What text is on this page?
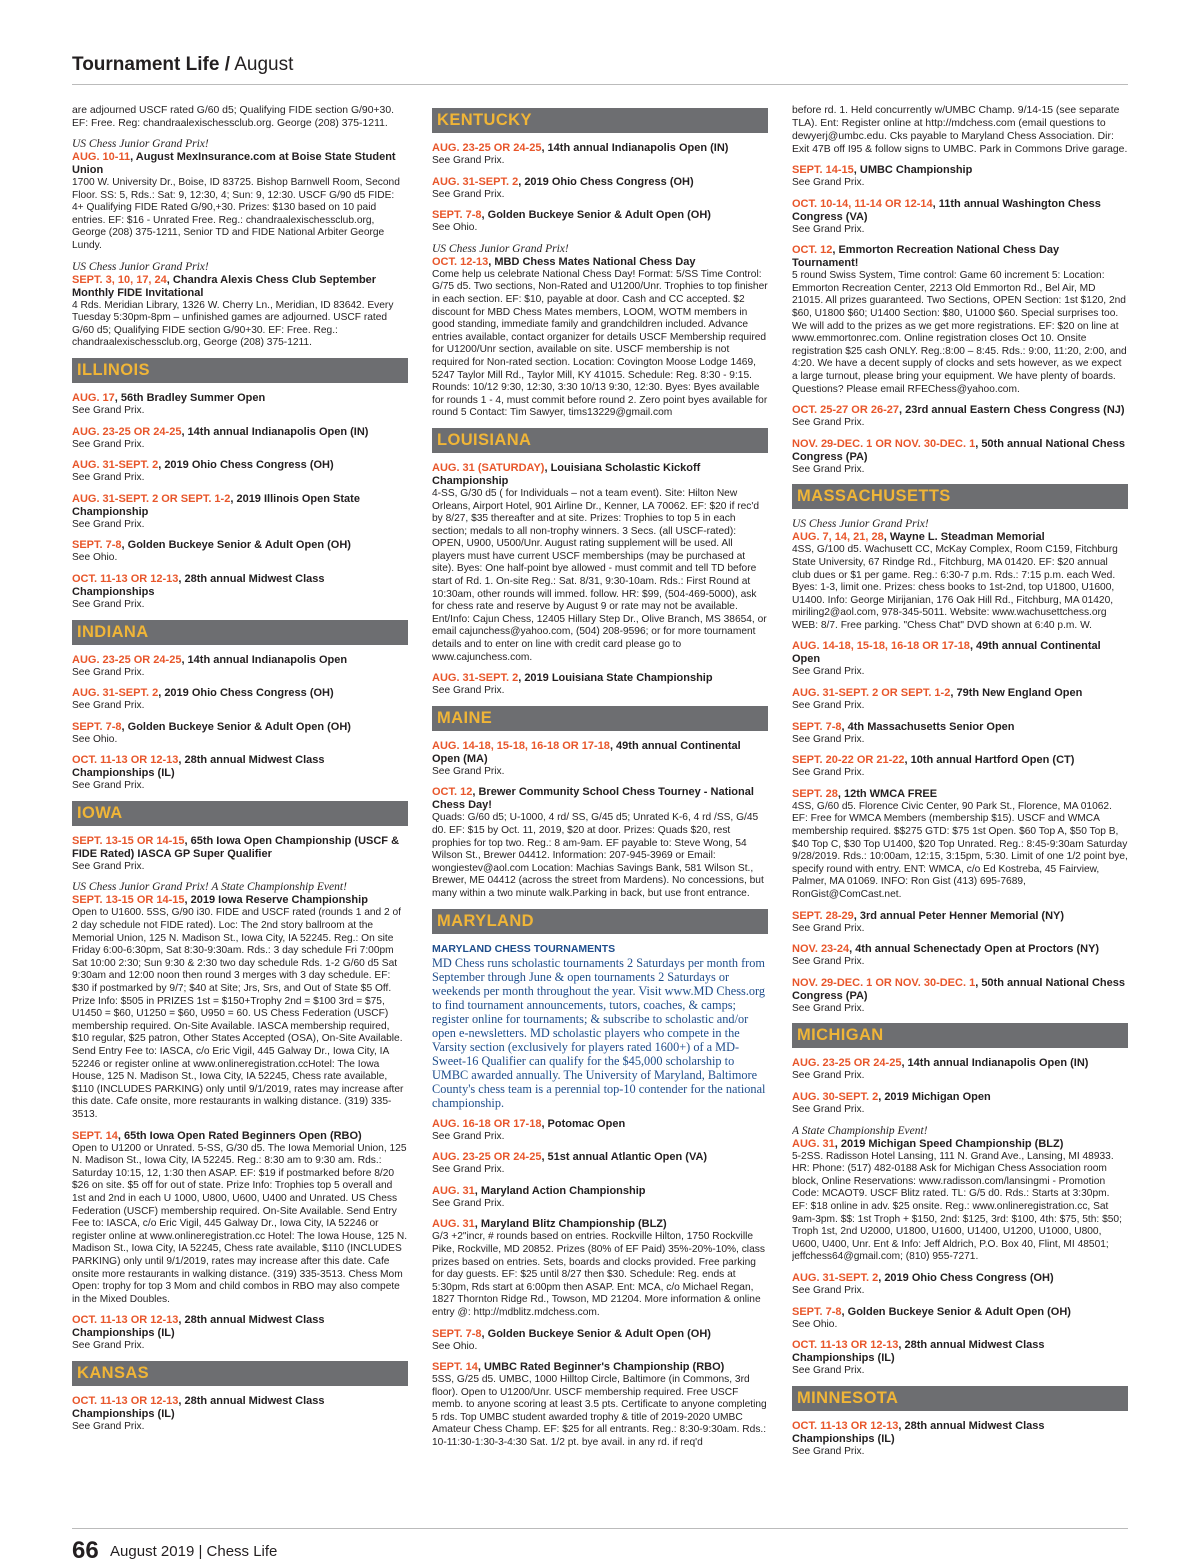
Tournament Life / August
are adjourned USCF rated G/60 d5; Qualifying FIDE section G/90+30. EF: Free. Reg: chandraalexischessclub.org. George (208) 375-1211.
US Chess Junior Grand Prix!
AUG. 10-11, August MexInsurance.com at Boise State Student Union
1700 W. University Dr., Boise, ID 83725. Bishop Barnwell Room, Second Floor. SS: 5, Rds.: Sat: 9, 12:30, 4; Sun: 9, 12:30. USCF G/90 d5 FIDE: 4+ Qualifying FIDE Rated G/90,+30. Prizes: $130 based on 10 paid entries. EF: $16 - Unrated Free. Reg.: chandraalexischessclub.org, George (208) 375-1211, Senior TD and FIDE National Arbiter George Lundy.
US Chess Junior Grand Prix!
SEPT. 3, 10, 17, 24, Chandra Alexis Chess Club September Monthly FIDE Invitational
4 Rds. Meridian Library, 1326 W. Cherry Ln., Meridian, ID 83642. Every Tuesday 5:30pm-8pm – unfinished games are adjourned. USCF rated G/60 d5; Qualifying FIDE section G/90+30. EF: Free. Reg.: chandraalexischessclub.org, George (208) 375-1211.
ILLINOIS
AUG. 17, 56th Bradley Summer Open
See Grand Prix.
AUG. 23-25 OR 24-25, 14th annual Indianapolis Open (IN)
See Grand Prix.
AUG. 31-SEPT. 2, 2019 Ohio Chess Congress (OH)
See Grand Prix.
AUG. 31-SEPT. 2 OR SEPT. 1-2, 2019 Illinois Open State Championship
See Grand Prix.
SEPT. 7-8, Golden Buckeye Senior & Adult Open (OH)
See Ohio.
OCT. 11-13 OR 12-13, 28th annual Midwest Class Championships
See Grand Prix.
INDIANA
AUG. 23-25 OR 24-25, 14th annual Indianapolis Open
See Grand Prix.
AUG. 31-SEPT. 2, 2019 Ohio Chess Congress (OH)
See Grand Prix.
SEPT. 7-8, Golden Buckeye Senior & Adult Open (OH)
See Ohio.
OCT. 11-13 OR 12-13, 28th annual Midwest Class Championships (IL)
See Grand Prix.
IOWA
SEPT. 13-15 OR 14-15, 65th Iowa Open Championship (USCF & FIDE Rated) IASCA GP Super Qualifier
See Grand Prix.
US Chess Junior Grand Prix! A State Championship Event!
SEPT. 13-15 OR 14-15, 2019 Iowa Reserve Championship
Open to U1600. 5SS, G/90 i30. FIDE and USCF rated (rounds 1 and 2 of 2 day schedule not FIDE rated). Loc: The 2nd story ballroom at the Memorial Union, 125 N. Madison St., Iowa City, IA 52245. Reg.: On site Friday 6:00-6:30pm, Sat 8:30-9:30am. Rds.: 3 day schedule Fri 7:00pm Sat 10:00 2:30; Sun 9:30 & 2:30 two day schedule Rds. 1-2 G/60 d5 Sat 9:30am and 12:00 noon then round 3 merges with 3 day schedule. EF: $30 if postmarked by 9/7; $40 at Site; Jrs, Srs, and Out of State $5 Off. Prize Info: $505 in PRIZES 1st = $150+Trophy 2nd = $100 3rd = $75, U1450 = $60, U1250 = $60, U950 = 60. US Chess Federation (USCF) membership required. On-Site Available. IASCA membership required, $10 regular, $25 patron, Other States Accepted (OSA), On-Site Available. Send Entry Fee to: IASCA, c/o Eric Vigil, 445 Galway Dr., Iowa City, IA 52246 or register online at www.onlineregistration.ccHotel: The Iowa House, 125 N. Madison St., Iowa City, IA 52245, Chess rate available, $110 (INCLUDES PARKING) only until 9/1/2019, rates may increase after this date. Cafe onsite, more restaurants in walking distance. (319) 335-3513.
SEPT. 14, 65th Iowa Open Rated Beginners Open (RBO)
Open to U1200 or Unrated. 5-SS, G/30 d5. The Iowa Memorial Union, 125 N. Madison St., Iowa City, IA 52245. Reg.: 8:30 am to 9:30 am. Rds.: Saturday 10:15, 12, 1:30 then ASAP. EF: $19 if postmarked before 8/20 $26 on site. $5 off for out of state. Prize Info: Trophies top 5 overall and 1st and 2nd in each U 1000, U800, U600, U400 and Unrated. US Chess Federation (USCF) membership required. On-Site Available. Send Entry Fee to: IASCA, c/o Eric Vigil, 445 Galway Dr., Iowa City, IA 52246 or register online at www.onlineregistration.cc Hotel: The Iowa House, 125 N. Madison St., Iowa City, IA 52245, Chess rate available, $110 (INCLUDES PARKING) only until 9/1/2019, rates may increase after this date. Cafe onsite more restaurants in walking distance. (319) 335-3513. Chess Mom Open: trophy for top 3 Mom and child combos in RBO may also compete in the Mixed Doubles.
OCT. 11-13 OR 12-13, 28th annual Midwest Class Championships (IL)
See Grand Prix.
KANSAS
OCT. 11-13 OR 12-13, 28th annual Midwest Class Championships (IL)
See Grand Prix.
KENTUCKY
AUG. 23-25 OR 24-25, 14th annual Indianapolis Open (IN)
See Grand Prix.
AUG. 31-SEPT. 2, 2019 Ohio Chess Congress (OH)
See Grand Prix.
SEPT. 7-8, Golden Buckeye Senior & Adult Open (OH)
See Ohio.
US Chess Junior Grand Prix!
OCT. 12-13, MBD Chess Mates National Chess Day
Come help us celebrate National Chess Day! Format: 5/SS Time Control: G/75 d5. Two sections, Non-Rated and U1200/Unr. Trophies to top finisher in each section. EF: $10, payable at door. Cash and CC accepted. $2 discount for MBD Chess Mates members, LOOM, WOTM members in good standing, immediate family and grandchildren included. Advance entries available, contact organizer for details USCF Membership required for U1200/Unr section, available on site. USCF membership is not required for Non-rated section. Location: Covington Moose Lodge 1469, 5247 Taylor Mill Rd., Taylor Mill, KY 41015. Schedule: Reg. 8:30 - 9:15. Rounds: 10/12 9:30, 12:30, 3:30 10/13 9:30, 12:30. Byes: Byes available for rounds 1 - 4, must commit before round 2. Zero point byes available for round 5 Contact: Tim Sawyer, tims13229@gmail.com
LOUISIANA
AUG. 31 (SATURDAY), Louisiana Scholastic Kickoff Championship
4-SS, G/30 d5 ( for Individuals – not a team event). Site: Hilton New Orleans, Airport Hotel, 901 Airline Dr., Kenner, LA 70062. EF: $20 if rec'd by 8/27, $35 thereafter and at site. Prizes: Trophies to top 5 in each section; medals to all non-trophy winners. 3 Secs. (all USCF-rated): OPEN, U900, U500/Unr. August rating supplement will be used. All players must have current USCF memberships (may be purchased at site). Byes: One half-point bye allowed - must commit and tell TD before start of Rd. 1. On-site Reg.: Sat. 8/31, 9:30-10am. Rds.: First Round at 10:30am, other rounds will immed. follow. HR: $99, (504-469-5000), ask for chess rate and reserve by August 9 or rate may not be available. Ent/Info: Cajun Chess, 12405 Hillary Step Dr., Olive Branch, MS 38654, or email cajunchess@yahoo.com, (504) 208-9596; or for more tournament details and to enter on line with credit card please go to www.cajunchess.com.
AUG. 31-SEPT. 2, 2019 Louisiana State Championship
See Grand Prix.
MAINE
AUG. 14-18, 15-18, 16-18 OR 17-18, 49th annual Continental Open (MA)
See Grand Prix.
OCT. 12, Brewer Community School Chess Tourney - National Chess Day!
Quads: G/60 d5; U-1000, 4 rd/ SS, G/45 d5; Unrated K-6, 4 rd /SS, G/45 d0. EF: $15 by Oct. 11, 2019, $20 at door. Prizes: Quads $20, rest prophies for top two. Reg.: 8 am-9am. EF payable to: Steve Wong, 54 Wilson St., Brewer 04412. Information: 207-945-3969 or Email: wongiestev@aol.com Location: Machias Savings Bank, 581 Wilson St., Brewer, ME 04412 (across the street from Mardens). No concessions, but many within a two minute walk.Parking in back, but use front entrance.
MARYLAND
MARYLAND CHESS TOURNAMENTS
MD Chess runs scholastic tournaments 2 Saturdays per month from September through June & open tournaments 2 Saturdays or weekends per month throughout the year. Visit www.MD Chess.org to find tournament announcements, tutors, coaches, & camps; register online for tournaments; & subscribe to scholastic and/or open e-newsletters. MD scholastic players who compete in the Varsity section (exclusively for players rated 1600+) of a MD-Sweet-16 Qualifier can qualify for the $45,000 scholarship to UMBC awarded annually. The University of Maryland, Baltimore County's chess team is a perennial top-10 contender for the national championship.
AUG. 16-18 OR 17-18, Potomac Open
See Grand Prix.
AUG. 23-25 OR 24-25, 51st annual Atlantic Open (VA)
See Grand Prix.
AUG. 31, Maryland Action Championship
See Grand Prix.
AUG. 31, Maryland Blitz Championship (BLZ)
G/3 +2"incr, # rounds based on entries. Rockville Hilton, 1750 Rockville Pike, Rockville, MD 20852. Prizes (80% of EF Paid) 35%-20%-10%, class prizes based on entries. Sets, boards and clocks provided. Free parking for day guests. EF: $25 until 8/27 then $30. Schedule: Reg. ends at 5:30pm, Rds start at 6:00pm then ASAP. Ent: MCA, c/o Michael Regan, 1827 Thornton Ridge Rd., Towson, MD 21204. More information & online entry @: http://mdblitz.mdchess.com.
SEPT. 7-8, Golden Buckeye Senior & Adult Open (OH)
See Ohio.
SEPT. 14, UMBC Rated Beginner's Championship (RBO)
5SS, G/25 d5. UMBC, 1000 Hilltop Circle, Baltimore (in Commons, 3rd floor). Open to U1200/Unr. USCF membership required. Free USCF memb. to anyone scoring at least 3.5 pts. Certificate to anyone completing 5 rds. Top UMBC student awarded trophy & title of 2019-2020 UMBC Amateur Chess Champ. EF: $25 for all entrants. Reg.: 8:30-9:30am. Rds.: 10-11:30-1:30-3-4:30 Sat. 1/2 pt. bye avail. in any rd. if req'd
before rd. 1. Held concurrently w/UMBC Champ. 9/14-15 (see separate TLA). Ent: Register online at http://mdchess.com (email questions to dewyerj@umbc.edu. Cks payable to Maryland Chess Association. Dir: Exit 47B off I95 & follow signs to UMBC. Park in Commons Drive garage.
SEPT. 14-15, UMBC Championship
See Grand Prix.
OCT. 10-14, 11-14 OR 12-14, 11th annual Washington Chess Congress (VA)
See Grand Prix.
OCT. 12, Emmorton Recreation National Chess Day Tournament!
5 round Swiss System, Time control: Game 60 increment 5: Location: Emmorton Recreation Center, 2213 Old Emmorton Rd., Bel Air, MD 21015. All prizes guaranteed. Two Sections, OPEN Section: 1st $120, 2nd $60, U1800 $60; U1400 Section: $80, U1000 $60. Special surprises too. We will add to the prizes as we get more registrations. EF: $20 on line at www.emmortonrec.com. Online registration closes Oct 10. Onsite registration $25 cash ONLY. Reg.:8:00 – 8:45. Rds.: 9:00, 11:20, 2:00, and 4:20. We have a decent supply of clocks and sets however, as we expect a large turnout, please bring your equipment. We have plenty of boards. Questions? Please email RFEChess@yahoo.com.
OCT. 25-27 OR 26-27, 23rd annual Eastern Chess Congress (NJ)
See Grand Prix.
NOV. 29-DEC. 1 OR NOV. 30-DEC. 1, 50th annual National Chess Congress (PA)
See Grand Prix.
MASSACHUSETTS
US Chess Junior Grand Prix!
AUG. 7, 14, 21, 28, Wayne L. Steadman Memorial
4SS, G/100 d5. Wachusett CC, McKay Complex, Room C159, Fitchburg State University, 67 Rindge Rd., Fitchburg, MA 01420. EF: $20 annual club dues or $1 per game. Reg.: 6:30-7 p.m. Rds.: 7:15 p.m. each Wed. Byes: 1-3, limit one. Prizes: chess books to 1st-2nd, top U1800, U1600, U1400. Info: George Mirijanian, 176 Oak Hill Rd., Fitchburg, MA 01420, miriling2@aol.com, 978-345-5011. Website: www.wachusettchess.org WEB: 8/7. Free parking. "Chess Chat" DVD shown at 6:40 p.m. W.
AUG. 14-18, 15-18, 16-18 OR 17-18, 49th annual Continental Open
See Grand Prix.
AUG. 31-SEPT. 2 OR SEPT. 1-2, 79th New England Open
See Grand Prix.
SEPT. 7-8, 4th Massachusetts Senior Open
See Grand Prix.
SEPT. 20-22 OR 21-22, 10th annual Hartford Open (CT)
See Grand Prix.
SEPT. 28, 12th WMCA FREE
4SS, G/60 d5. Florence Civic Center, 90 Park St., Florence, MA 01062. EF: Free for WMCA Members (membership $15). USCF and WMCA membership required. $$275 GTD: $75 1st Open. $60 Top A, $50 Top B, $40 Top C, $30 Top U1400, $20 Top Unrated. Reg.: 8:45-9:30am Saturday 9/28/2019. Rds.: 10:00am, 12:15, 3:15pm, 5:30. Limit of one 1/2 point bye, specify round with entry. ENT: WMCA, c/o Ed Kostreba, 45 Fairview, Palmer, MA 01069. INFO: Ron Gist (413) 695-7689, RonGist@ComCast.net.
SEPT. 28-29, 3rd annual Peter Henner Memorial (NY)
See Grand Prix.
NOV. 23-24, 4th annual Schenectady Open at Proctors (NY)
See Grand Prix.
NOV. 29-DEC. 1 OR NOV. 30-DEC. 1, 50th annual National Chess Congress (PA)
See Grand Prix.
MICHIGAN
AUG. 23-25 OR 24-25, 14th annual Indianapolis Open (IN)
See Grand Prix.
AUG. 30-SEPT. 2, 2019 Michigan Open
See Grand Prix.
A State Championship Event!
AUG. 31, 2019 Michigan Speed Championship (BLZ)
5-2SS. Radisson Hotel Lansing, 111 N. Grand Ave., Lansing, MI 48933. HR: Phone: (517) 482-0188 Ask for Michigan Chess Association room block, Online Reservations: www.radisson.com/lansingmi - Promotion Code: MCAOT9. USCF Blitz rated. TL: G/5 d0. Rds.: Starts at 3:30pm. EF: $18 online in adv. $25 onsite. Reg.: www.onlineregistration.cc, Sat 9am-3pm. $$: 1st Troph + $150, 2nd: $125, 3rd: $100, 4th: $75, 5th: $50; Troph 1st, 2nd U2000, U1800, U1600, U1400, U1200, U1000, U800, U600, U400, Unr. Ent & Info: Jeff Aldrich, P.O. Box 40, Flint, MI 48501; jeffchess64@gmail.com; (810) 955-7271.
AUG. 31-SEPT. 2, 2019 Ohio Chess Congress (OH)
See Grand Prix.
SEPT. 7-8, Golden Buckeye Senior & Adult Open (OH)
See Ohio.
OCT. 11-13 OR 12-13, 28th annual Midwest Class Championships (IL)
See Grand Prix.
MINNESOTA
OCT. 11-13 OR 12-13, 28th annual Midwest Class Championships (IL)
See Grand Prix.
66 August 2019 | Chess Life
